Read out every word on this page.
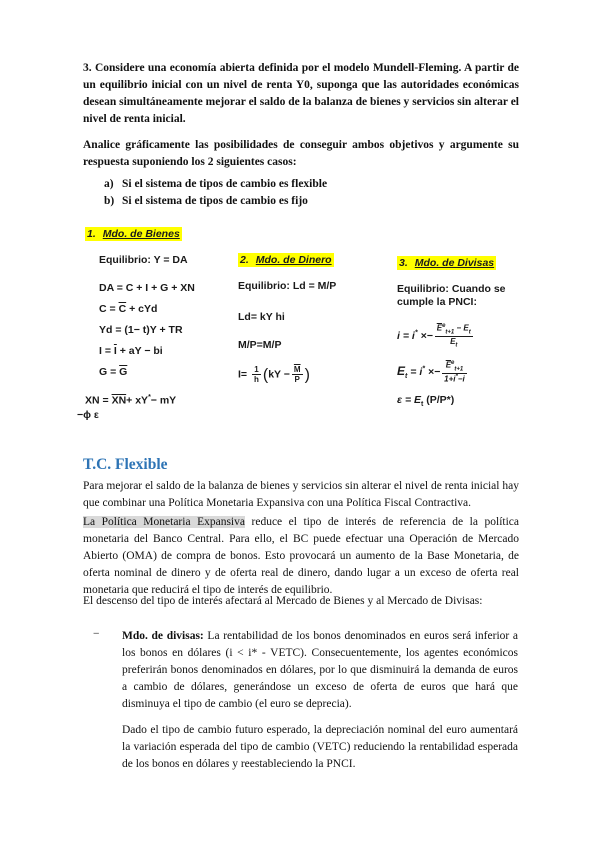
3. Considere una economía abierta definida por el modelo Mundell-Fleming. A partir de un equilibrio inicial con un nivel de renta Y0, suponga que las autoridades económicas desean simultáneamente mejorar el saldo de la balanza de bienes y servicios sin alterar el nivel de renta inicial.

Analice gráficamente las posibilidades de conseguir ambos objetivos y argumente su respuesta suponiendo los 2 siguientes casos:

a) Si el sistema de tipos de cambio es flexible
b) Si el sistema de tipos de cambio es fijo
1. Mdo. de Bienes
Equilibrio: Y = DA
DA = C + I + G + XN
$C = \overline{C}$ + cYd
Yd = (1− t)Y + TR
$I = \overline{I}$ + aY − bi
$G = \overline{G}$
XN = $\overline{XN}+ xY^*-$ mY
−ϕ ε
2. Mdo. de Dinero
Equilibrio: Ld = M/P
Ld= kY hi
M/P=M/P
$I= \frac{1}{h} (kY - \frac{\overline{M}}{P}$ )
3. Mdo. de Divisas
Equilibrio: Cuando se
cumple la PNCI:
$i = i^* \times- \frac{\overline{E}^e_{t+1} - E_t}{E_t}$
$E_t = i^* \times- \frac{\overline{E}^e_{t+1}}{1+i^*-i}$
$\varepsilon = E_t$ (P/P*)
T.C. Flexible

Para mejorar el saldo de la balanza de bienes y servicios sin alterar el nivel de renta inicial hay que combinar una Política Monetaria Expansiva con una Política Fiscal Contractiva.

La Política Monetaria Expansiva reduce el tipo de interés de referencia de la política monetaria del Banco Central. Para ello, el BC puede efectuar una Operación de Mercado Abierto (OMA) de compra de bonos. Esto provocará un aumento de la Base Monetaria, de oferta nominal de dinero y de oferta real de dinero, dando lugar a un exceso de oferta real monetaria que reducirá el tipo de interés de equilibrio.

El descenso del tipo de interés afectará al Mercado de Bienes y al Mercado de Divisas:

−	Mdo. de divisas: La rentabilidad de los bonos denominados en euros será inferior a los bonos en dólares (i < i* - VETC). Consecuentemente, los agentes económicos preferirán bonos denominados en dólares, por lo que disminuirá la demanda de euros a cambio de dólares, generándose un exceso de oferta de euros que hará que disminuya el tipo de cambio (el euro se deprecia).

Dado el tipo de cambio futuro esperado, la depreciación nominal del euro aumentará la variación esperada del tipo de cambio (VETC) reduciendo la rentabilidad esperada de los bonos en dólares y reestableciendo la PNCI.
